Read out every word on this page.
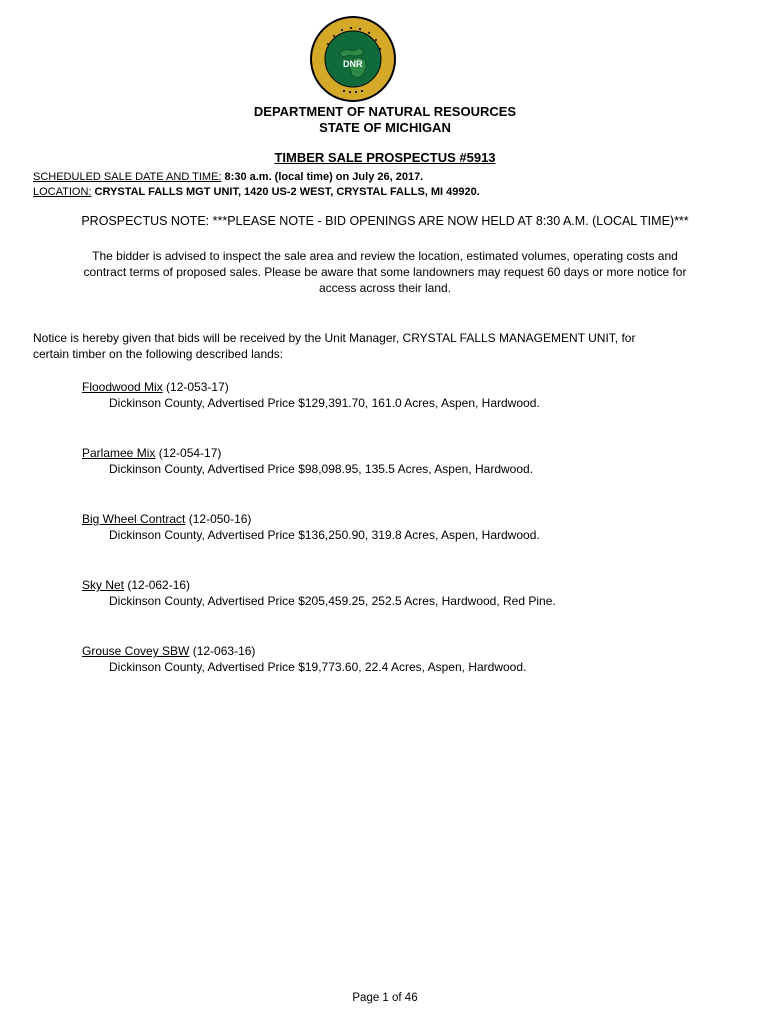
DNR
DEPARTMENT OF NATURAL RESOURCES
STATE OF MICHIGAN
TIMBER SALE PROSPECTUS #5913
SCHEDULED SALE DATE AND TIME: 8:30 a.m. (local time) on July 26, 2017.
LOCATION: CRYSTAL FALLS MGT UNIT, 1420 US-2 WEST, CRYSTAL FALLS, MI 49920.
PROSPECTUS NOTE: ***PLEASE NOTE - BID OPENINGS ARE NOW HELD AT 8:30 A.M. (LOCAL TIME)***
The bidder is advised to inspect the sale area and review the location, estimated volumes, operating costs and
contract terms of proposed sales. Please be aware that some landowners may request 60 days or more notice for
access across their land.
Notice is hereby given that bids will be received by the Unit Manager, CRYSTAL FALLS MANAGEMENT UNIT, for
certain timber on the following described lands:
Floodwood Mix (12-053-17)
Dickinson County, Advertised Price $129,391.70, 161.0 Acres, Aspen, Hardwood.
Parlamee Mix (12-054-17)
Dickinson County, Advertised Price $98,098.95, 135.5 Acres, Aspen, Hardwood.
Big Wheel Contract (12-050-16)
Dickinson County, Advertised Price $136,250.90, 319.8 Acres, Aspen, Hardwood.
Sky Net (12-062-16)
Dickinson County, Advertised Price $205,459.25, 252.5 Acres, Hardwood, Red Pine.
Grouse Covey SBW (12-063-16)
Dickinson County, Advertised Price $19,773.60, 22.4 Acres, Aspen, Hardwood.
Page 1 of 46
